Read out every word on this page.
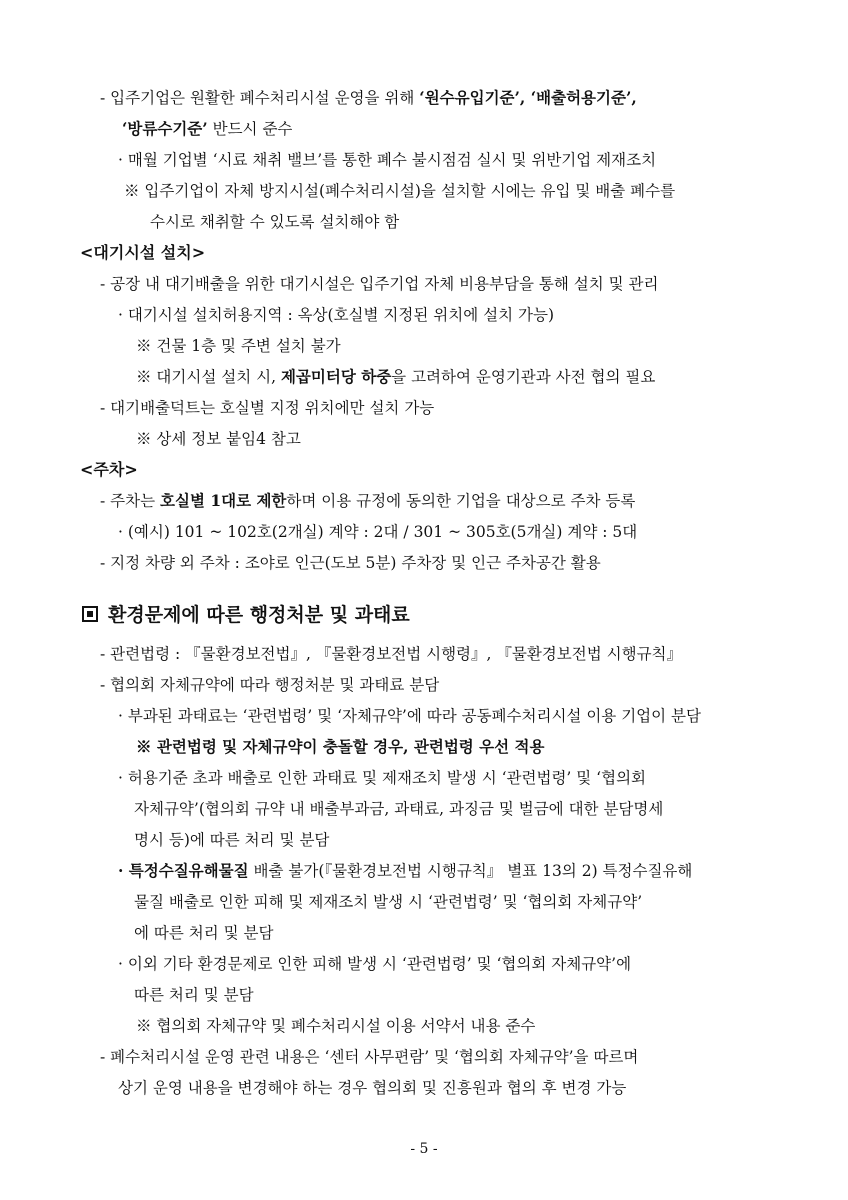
- 입주기업은 원활한 폐수처리시설 운영을 위해 ‘원수유입기준’, ‘배출허용기준’,
‘방류수기준’ 반드시 준수
· 매월 기업별 ‘시료 채취 밸브’를 통한 폐수 불시점검 실시 및 위반기업 제재조치
※ 입주기업이 자체 방지시설(폐수처리시설)을 설치할 시에는 유입 및 배출 폐수를
수시로 채취할 수 있도록 설치해야 함
<대기시설 설치>
- 공장 내 대기배출을 위한 대기시설은 입주기업 자체 비용부담을 통해 설치 및 관리
· 대기시설 설치허용지역 : 옥상(호실별 지정된 위치에 설치 가능)
※ 건물 1층 및 주변 설치 불가
※ 대기시설 설치 시, 제곱미터당 하중을 고려하여 운영기관과 사전 협의 필요
- 대기배출덕트는 호실별 지정 위치에만 설치 가능
※ 상세 정보 붙임4 참고
<주차>
- 주차는 호실별 1대로 제한하며 이용 규정에 동의한 기업을 대상으로 주차 등록
· (예시) 101 ~ 102호(2개실) 계약 : 2대 / 301 ~ 305호(5개실) 계약 : 5대
- 지정 차량 외 주차 : 조야로 인근(도보 5분) 주차장 및 인근 주차공간 활용
환경문제에 따른 행정처분 및 과태료
- 관련법령 : 『물환경보전법』, 『물환경보전법 시행령』, 『물환경보전법 시행규칙』
- 협의회 자체규약에 따라 행정처분 및 과태료 분담
· 부과된 과태료는 ‘관련법령’ 및 ‘자체규약’에 따라 공동폐수처리시설 이용 기업이 분담
※ 관련법령 및 자체규약이 충돌할 경우, 관련법령 우선 적용
· 허용기준 초과 배출로 인한 과태료 및 제재조치 발생 시 ‘관련법령’ 및 ‘협의회
자체규약’(협의회 규약 내 배출부과금, 과태료, 과징금 및 벌금에 대한 분담명세
명시 등)에 따른 처리 및 분담
· 특정수질유해물질 배출 불가(『물환경보전법 시행규칙』 별표 13의 2) 특정수질유해
물질 배출로 인한 피해 및 제재조치 발생 시 ‘관련법령’ 및 ‘협의회 자체규약’
에 따른 처리 및 분담
· 이외 기타 환경문제로 인한 피해 발생 시 ‘관련법령’ 및 ‘협의회 자체규약’에
따른 처리 및 분담
※ 협의회 자체규약 및 폐수처리시설 이용 서약서 내용 준수
- 폐수처리시설 운영 관련 내용은 ‘센터 사무편람’ 및 ‘협의회 자체규약’을 따르며
상기 운영 내용을 변경해야 하는 경우 협의회 및 진흥원과 협의 후 변경 가능
- 5 -
